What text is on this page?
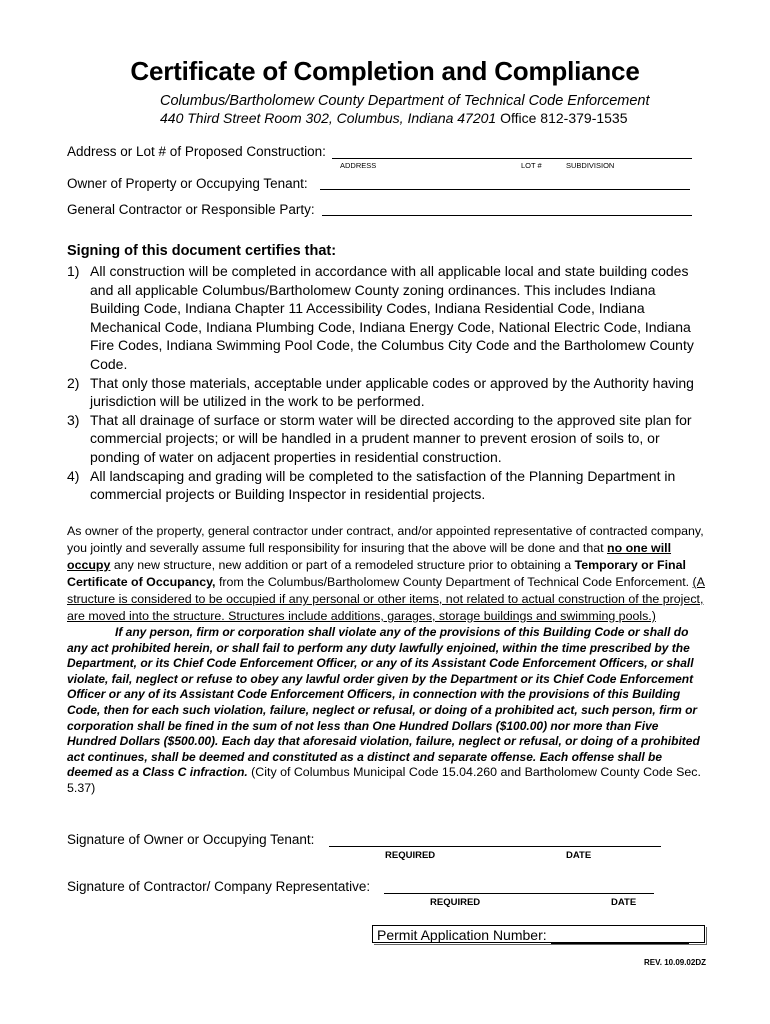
Certificate of Completion and Compliance
Columbus/Bartholomew County Department of Technical Code Enforcement
440 Third Street Room 302, Columbus, Indiana 47201 Office 812-379-1535
Address or Lot # of Proposed Construction:
ADDRESS	LOT #	SUBDIVISION
Owner of Property or Occupying Tenant:
General Contractor or Responsible Party:
Signing of this document certifies that:
1) All construction will be completed in accordance with all applicable local and state building codes and all applicable Columbus/Bartholomew County zoning ordinances. This includes Indiana Building Code, Indiana Chapter 11 Accessibility Codes, Indiana Residential Code, Indiana Mechanical Code, Indiana Plumbing Code, Indiana Energy Code, National Electric Code, Indiana Fire Codes, Indiana Swimming Pool Code, the Columbus City Code and the Bartholomew County Code.
2) That only those materials, acceptable under applicable codes or approved by the Authority having jurisdiction will be utilized in the work to be performed.
3) That all drainage of surface or storm water will be directed according to the approved site plan for commercial projects; or will be handled in a prudent manner to prevent erosion of soils to, or ponding of water on adjacent properties in residential construction.
4) All landscaping and grading will be completed to the satisfaction of the Planning Department in commercial projects or Building Inspector in residential projects.
As owner of the property, general contractor under contract, and/or appointed representative of contracted company, you jointly and severally assume full responsibility for insuring that the above will be done and that no one will occupy any new structure, new addition or part of a remodeled structure prior to obtaining a Temporary or Final Certificate of Occupancy, from the Columbus/Bartholomew County Department of Technical Code Enforcement. (A structure is considered to be occupied if any personal or other items, not related to actual construction of the project, are moved into the structure. Structures include additions, garages, storage buildings and swimming pools.)

If any person, firm or corporation shall violate any of the provisions of this Building Code or shall do any act prohibited herein, or shall fail to perform any duty lawfully enjoined, within the time prescribed by the Department, or its Chief Code Enforcement Officer, or any of its Assistant Code Enforcement Officers, or shall violate, fail, neglect or refuse to obey any lawful order given by the Department or its Chief Code Enforcement Officer or any of its Assistant Code Enforcement Officers, in connection with the provisions of this Building Code, then for each such violation, failure, neglect or refusal, or doing of a prohibited act, such person, firm or corporation shall be fined in the sum of not less than One Hundred Dollars ($100.00) nor more than Five Hundred Dollars ($500.00). Each day that aforesaid violation, failure, neglect or refusal, or doing of a prohibited act continues, shall be deemed and constituted as a distinct and separate offense. Each offense shall be deemed as a Class C infraction. (City of Columbus Municipal Code 15.04.260 and Bartholomew County Code Sec. 5.37)
Signature of Owner or Occupying Tenant:
REQUIRED	DATE
Signature of Contractor/ Company Representative:
REQUIRED	DATE
Permit Application Number:
REV. 10.09.02DZ
